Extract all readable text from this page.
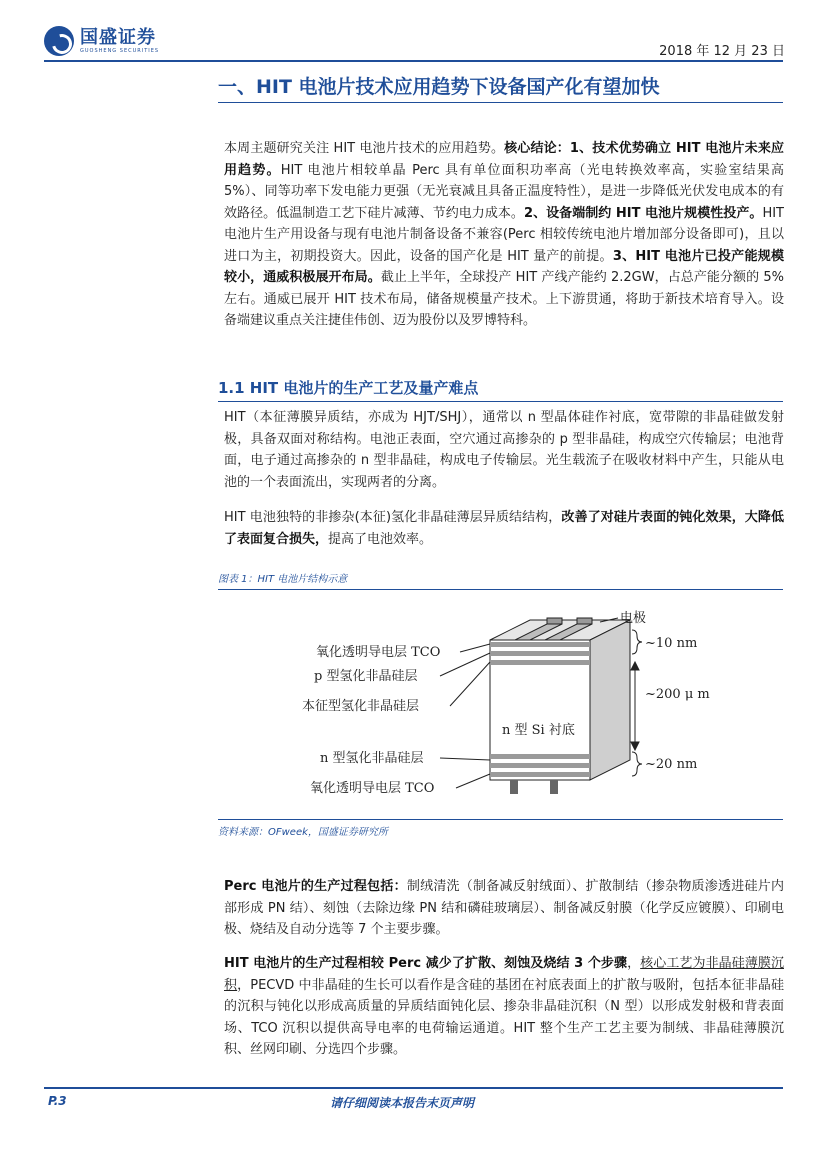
国盛证券
GUOSHENG SECURITIES	2018 年 12 月 23 日
一、HIT 电池片技术应用趋势下设备国产化有望加快
本周主题研究关注 HIT 电池片技术的应用趋势。核心结论：1、技术优势确立 HIT 电池片未来应用趋势。HIT 电池片相较单晶 Perc 具有单位面积功率高（光电转换效率高，实验室结果高 5%）、同等功率下发电能力更强（无光衰减且具备正温度特性），是进一步降低光伏发电成本的有效路径。低温制造工艺下硅片减薄、节约电力成本。2、设备端制约 HIT 电池片规模性投产。HIT 电池片生产用设备与现有电池片制备设备不兼容(Perc 相较传统电池片增加部分设备即可)，且以进口为主，初期投资大。因此，设备的国产化是 HIT 量产的前提。3、HIT 电池片已投产能规模较小，通威积极展开布局。截止上半年，全球投产 HIT 产线产能约 2.2GW，占总产能分额的 5%左右。通威已展开 HIT 技术布局，储备规模量产技术。上下游贯通，将助于新技术培育导入。设备端建议重点关注捷佳伟创、迈为股份以及罗博特科。
1.1 HIT 电池片的生产工艺及量产难点
HIT（本征薄膜异质结，亦成为 HJT/SHJ），通常以 n 型晶体硅作衬底，宽带隙的非晶硅做发射极，具备双面对称结构。电池正表面，空穴通过高掺杂的 p 型非晶硅，构成空穴传输层；电池背面，电子通过高掺杂的 n 型非晶硅，构成电子传输层。光生载流子在吸收材料中产生，只能从电池的一个表面流出，实现两者的分离。
HIT 电池独特的非掺杂(本征)氢化非晶硅薄层异质结结构，改善了对硅片表面的钝化效果，大降低了表面复合损失，提高了电池效率。
图表 1：HIT 电池片结构示意
电极
氧化透明导电层 TCO
p 型氢化非晶硅层
本征型氢化非晶硅层
n 型 Si 衬底
n 型氢化非晶硅层
氧化透明导电层 TCO
~10 nm
~200 μ m
~20 nm
资料来源：OFweek，国盛证券研究所
Perc 电池片的生产过程包括：制绒清洗（制备减反射绒面）、扩散制结（掺杂物质渗透进硅片内部形成 PN 结）、刻蚀（去除边缘 PN 结和磷硅玻璃层）、制备减反射膜（化学反应镀膜）、印刷电极、烧结及自动分选等 7 个主要步骤。
HIT 电池片的生产过程相较 Perc 减少了扩散、刻蚀及烧结 3 个步骤，核心工艺为非晶硅薄膜沉积，PECVD 中非晶硅的生长可以看作是含硅的基团在衬底表面上的扩散与吸附，包括本征非晶硅的沉积与钝化以形成高质量的异质结面钝化层、掺杂非晶硅沉积（N 型）以形成发射极和背表面场、TCO 沉积以提供高导电率的电荷输运通道。HIT 整个生产工艺主要为制绒、非晶硅薄膜沉积、丝网印刷、分选四个步骤。
P.3	请仔细阅读本报告末页声明
